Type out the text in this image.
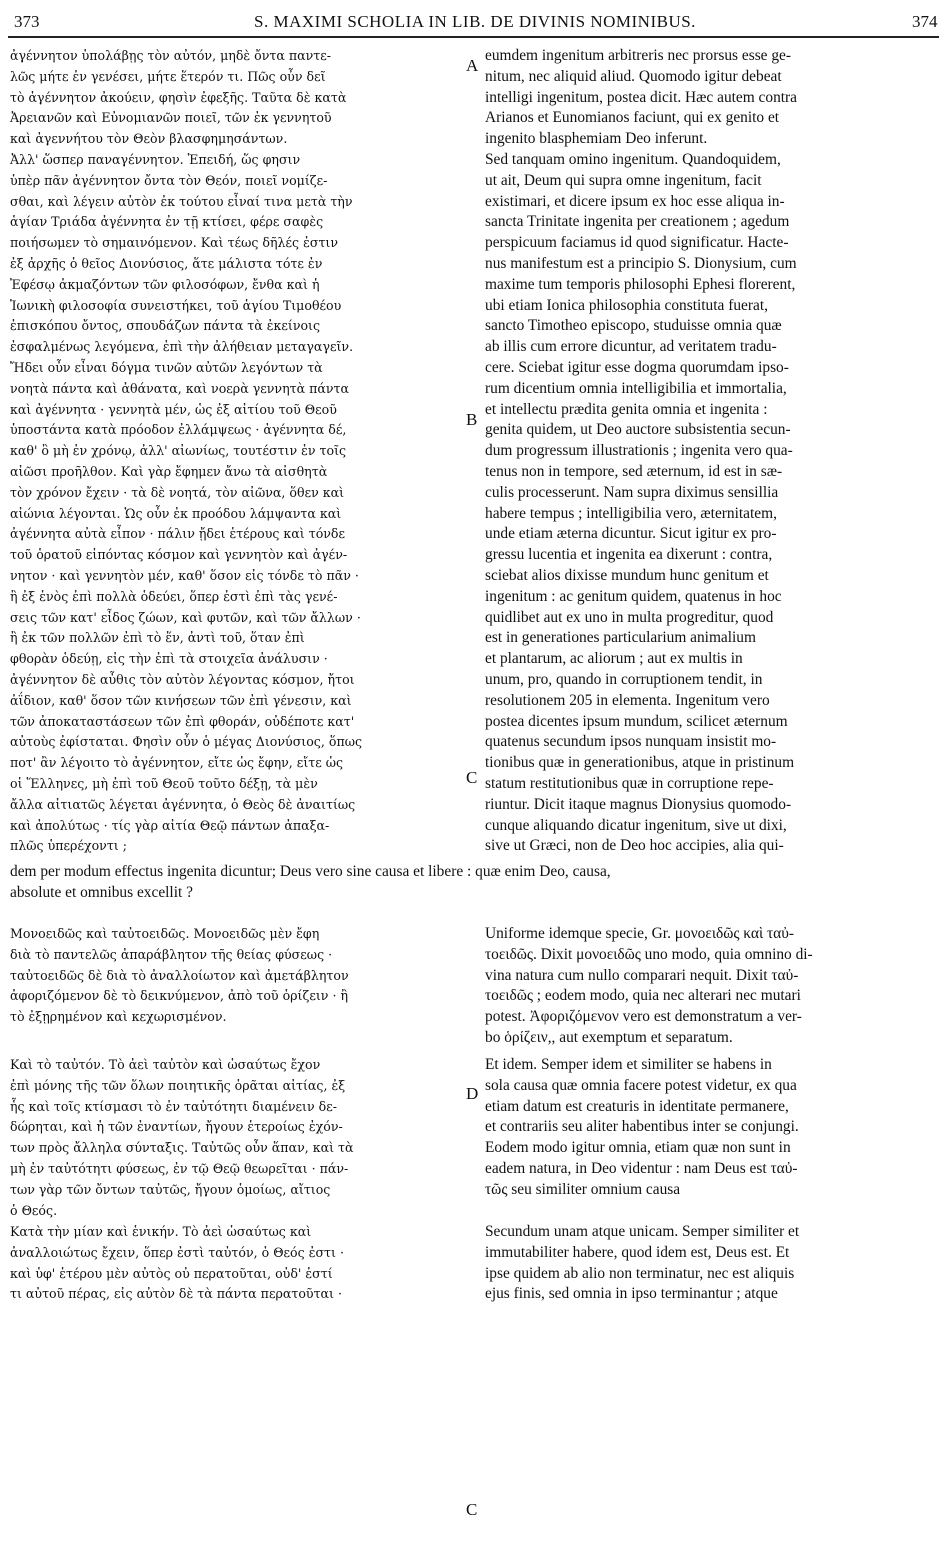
373	S. MAXIMI SCHOLIA IN LIB. DE DIVINIS NOMINIBUS.	374
ἀγέννητον ὑπολάβῃς τὸν αὐτόν, μηδὲ ὄντα παντε-
λῶς μήτε ἐν γενέσει, μήτε ἕτερόν τι. Πῶς οὖν δεῖ
τὸ ἀγέννητον ἀκούειν, φησὶν ἐφεξῆς. Ταῦτα δὲ κατὰ
Ἀρειανῶν καὶ Εὐνομιανῶν ποιεῖ, τῶν ἐκ γεννητοῦ
καὶ ἀγεννήτου τὸν Θεὸν βλασφημησάντων.
Ἀλλ' ὥσπερ παναγέννητον. Ἐπειδή, ὥς φησιν
ὑπὲρ πᾶν ἀγέννητον ὄντα τὸν Θεόν, ποιεῖ νομίζε-
σθαι, καὶ λέγειν αὐτὸν ἐκ τούτου εἶναί τινα μετὰ τὴν
ἁγίαν Τριάδα ἀγέννητα ἐν τῇ κτίσει, φέρε σαφὲς
ποιήσωμεν τὸ σημαινόμενον. Καὶ τέως δῆλές ἐστιν
ἐξ ἀρχῆς ὁ θεῖος Διονύσιος, ἅτε μάλιστα τότε ἐν
Ἐφέσῳ ἀκμαζόντων τῶν φιλοσόφων, ἔνθα καὶ ἡ
Ἰωνικὴ φιλοσοφία συνειστήκει, τοῦ ἁγίου Τιμοθέου
ἐπισκόπου ὄντος, σπουδάζων πάντα τὰ ἐκείνοις
ἐσφαλμένως λεγόμενα, ἐπὶ τὴν ἀλήθειαν μεταγαγεῖν.
Ἤδει οὖν εἶναι δόγμα τινῶν αὐτῶν λεγόντων τὰ
νοητὰ πάντα καὶ ἀθάνατα, καὶ νοερὰ γεννητὰ πάντα
καὶ ἀγέννητα · γεννητὰ μέν, ὡς ἐξ αἰτίου τοῦ Θεοῦ
ὑποστάντα κατὰ πρόοδον ἐλλάμψεως · ἀγέννητα δέ,
καθ' ὃ μὴ ἐν χρόνῳ, ἀλλ' αἰωνίως, τουτέστιν ἐν τοῖς
αἰῶσι προῆλθον. Καὶ γὰρ ἔφημεν ἄνω τὰ αἰσθητὰ
τὸν χρόνον ἔχειν · τὰ δὲ νοητά, τὸν αἰῶνα, ὅθεν καὶ
αἰώνια λέγονται. Ὡς οὖν ἐκ προόδου λάμψαντα καὶ
ἀγέννητα αὐτὰ εἶπον · πάλιν ᾔδει ἑτέρους καὶ τόνδε
τοῦ ὁρατοῦ εἰπόντας κόσμον καὶ γεννητὸν καὶ ἀγέν-
νητον · καὶ γεννητὸν μέν, καθ' ὅσον εἰς τόνδε τὸ πᾶν ·
ἢ ἐξ ἑνὸς ἐπὶ πολλὰ ὁδεύει, ὅπερ ἐστὶ ἐπὶ τὰς γενέ-
σεις τῶν κατ' εἶδος ζώων, καὶ φυτῶν, καὶ τῶν ἄλλων ·
ἢ ἐκ τῶν πολλῶν ἐπὶ τὸ ἕν, ἀντὶ τοῦ, ὅταν ἐπὶ
φθορὰν ὁδεύῃ, εἰς τὴν ἐπὶ τὰ στοιχεῖα ἀνάλυσιν ·
ἀγέννητον δὲ αὖθις τὸν αὐτὸν λέγοντας κόσμον, ἤτοι
ἀΐδιον, καθ' ὅσον τῶν κινήσεων τῶν ἐπὶ γένεσιν, καὶ
τῶν ἀποκαταστάσεων τῶν ἐπὶ φθοράν, οὐδέποτε κατ'
αὐτοὺς ἐφίσταται. Φησὶν οὖν ὁ μέγας Διονύσιος, ὅπως
ποτ' ἂν λέγοιτο τὸ ἀγέννητον, εἴτε ὡς ἔφην, εἴτε ὡς
οἱ Ἕλληνες, μὴ ἐπὶ τοῦ Θεοῦ τοῦτο δέξῃ, τὰ μὲν
ἄλλα αἰτιατῶς λέγεται ἀγέννητα, ὁ Θεὸς δὲ ἀναιτίως
καὶ ἀπολύτως · τίς γὰρ αἰτία Θεῷ πάντων ἀπαξα-
πλῶς ὑπερέχοντι ;
eumdem ingenitum arbitreris nec prorsus esse ge-
nitum, nec aliquid aliud. Quomodo igitur debeat
intelligi ingenitum, postea dicit. Hæc autem contra
Arianos et Eunomianos faciunt, qui ex genito et
ingenito blasphemiam Deo inferunt.
Sed tanquam omino ingenitum. Quandoquidem,
ut ait, Deum qui supra omne ingenitum, facit
existimari, et dicere ipsum ex hoc esse aliqua in-
sancta Trinitate ingenita per creationem ; agedum
perspicuum faciamus id quod significatur. Hacte-
nus manifestum est a principio S. Dionysium, cum
maxime tum temporis philosophi Ephesi florerent,
ubi etiam Ionica philosophia constituta fuerat,
sancto Timotheo episcopo, studuisse omnia quæ
ab illis cum errore dicuntur, ad veritatem tradu-
cere. Sciebat igitur esse dogma quorumdam ipso-
rum dicentium omnia intelligibilia et immortalia,
et intellectu prædita genita omnia et ingenita :
genita quidem, ut Deo auctore subsistentia secun-
dum progressum illustrationis ; ingenita vero qua-
tenus non in tempore, sed æternum, id est in sæ-
culis processerunt. Nam supra diximus sensillia
habere tempus ; intelligibilia vero, æternitatem,
unde etiam æterna dicuntur. Sicut igitur ex pro-
gressu lucentia et ingenita ea dixerunt : contra,
sciebat alios dixisse mundum hunc genitum et
ingenitum : ac genitum quidem, quatenus in hoc
quidlibet aut ex uno in multa progreditur, quod
est in generationes particularium animalium
et plantarum, ac aliorum ; aut ex multis in
unum, pro, quando in corruptionem tendit, in
resolutionem 205 in elementa. Ingenitum vero
postea dicentes ipsum mundum, scilicet æternum
quatenus secundum ipsos nunquam insistit mo-
tionibus quæ in generationibus, atque in pristinum
statum restitutionibus quæ in corruptione repe-
riuntur. Dicit itaque magnus Dionysius quomodo-
cunque aliquando dicatur ingenitum, sive ut dixi,
sive ut Græci, non de Deo hoc accipies, alia qui-
dem per modum effectus ingenita dicuntur; Deus vero sine causa et libere : quæ enim Deo, causa,
absolute et omnibus excellit ?
Μονοειδῶς καὶ ταὐτοειδῶς. Μονοειδῶς μὲν ἔφη
διὰ τὸ παντελῶς ἀπαράβλητον τῆς θείας φύσεως ·
ταὐτοειδῶς δὲ διὰ τὸ ἀναλλοίωτον καὶ ἀμετάβλητον
ἀφοριζόμενον δὲ τὸ δεικνύμενον, ἀπὸ τοῦ ὁρίζειν · ἢ
τὸ ἐξῃρημένον καὶ κεχωρισμένον.
Καὶ τὸ ταὐτόν. Τὸ ἀεὶ ταὐτὸν καὶ ὡσαύτως ἔχον
ἐπὶ μόνης τῆς τῶν ὅλων ποιητικῆς ὁρᾶται αἰτίας, ἐξ
ἧς καὶ τοῖς κτίσμασι τὸ ἐν ταὐτότητι διαμένειν δε-
δώρηται, καὶ ἡ τῶν ἐναντίων, ἤγουν ἑτεροίως ἐχόν-
των πρὸς ἄλληλα σύνταξις. Ταὐτῶς οὖν ἅπαν, καὶ τὰ
μὴ ἐν ταὐτότητι φύσεως, ἐν τῷ Θεῷ θεωρεῖται · πάν-
των γὰρ τῶν ὄντων ταὐτῶς, ἤγουν ὁμοίως, αἴτιος
ὁ Θεός.
Κατὰ τὴν μίαν καὶ ἑνικήν. Τὸ ἀεὶ ὡσαύτως καὶ
ἀναλλοιώτως ἔχειν, ὅπερ ἐστὶ ταὐτόν, ὁ Θεός ἐστι ·
καὶ ὑφ' ἑτέρου μὲν αὐτὸς οὐ περατοῦται, οὐδ' ἐστί
τι αὐτοῦ πέρας, εἰς αὐτὸν δὲ τὰ πάντα περατοῦται ·
Uniforme idemque specie, Gr. μονοειδῶς καὶ ταὐ-
τοειδῶς. Dixit μονοειδῶς uno modo, quia omnino di-
vina natura cum nullo comparari nequit. Dixit ταὐ-
τοειδῶς ; eodem modo, quia nec alterari nec mutari
potest. Ἀφοριζόμενον vero est demonstratum a ver-
bo ὁρίζειν,, aut exemptum et separatum.
Et idem. Semper idem et similiter se habens in
sola causa quæ omnia facere potest videtur, ex qua
etiam datum est creaturis in identitate permanere,
et contrariis seu aliter habentibus inter se conjungi.
Eodem modo igitur omnia, etiam quæ non sunt in
eadem natura, in Deo videntur : nam Deus est ταὐ-
τῶς seu similiter omnium causa
Secundum unam atque unicam. Semper similiter et
immutabiliter habere, quod idem est, Deus est. Et
ipse quidem ab alio non terminatur, nec est aliquis
ejus finis, sed omnia in ipso terminantur ; atque
A
B
C
D
C
